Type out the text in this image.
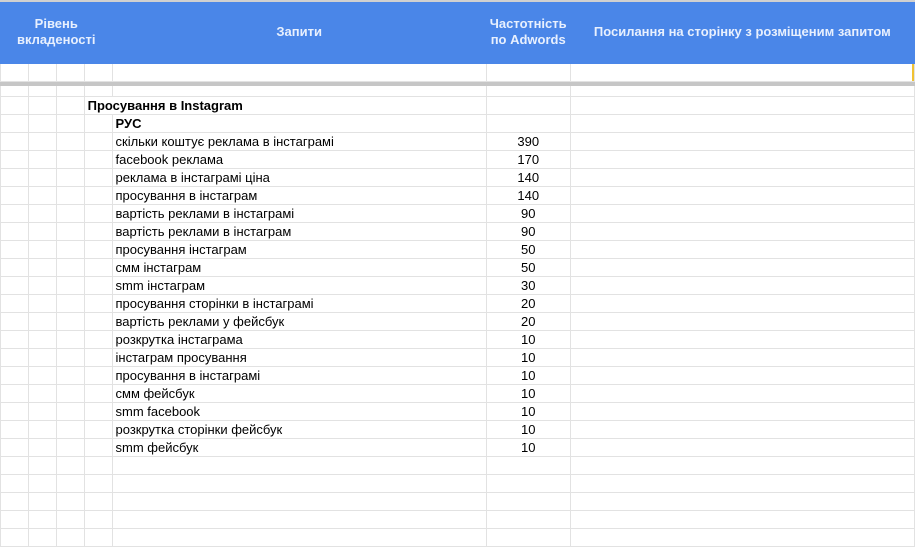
Рівень вкладеності				Запити	Частотність по Adwords	Посилання на сторінку з розміщеним запитом

			Просування в Instagram			
				РУС		
				скільки коштує реклама в інстаграмі	390	
				facebook реклама	170	
				реклама в інстаграмі ціна	140	
				просування в інстаграм	140	
				вартість реклами в інстаграмі	90	
				вартість реклами в інстаграм	90	
				просування інстаграм	50	
				смм інстаграм	50	
				smm інстаграм	30	
				просування сторінки в інстаграмі	20	
				вартість реклами у фейсбук	20	
				розкрутка інстаграма	10	
				інстаграм просування	10	
				просування в інстаграмі	10	
				смм фейсбук	10	
				smm facebook	10	
				розкрутка сторінки фейсбук	10	
				smm фейсбук	10	
